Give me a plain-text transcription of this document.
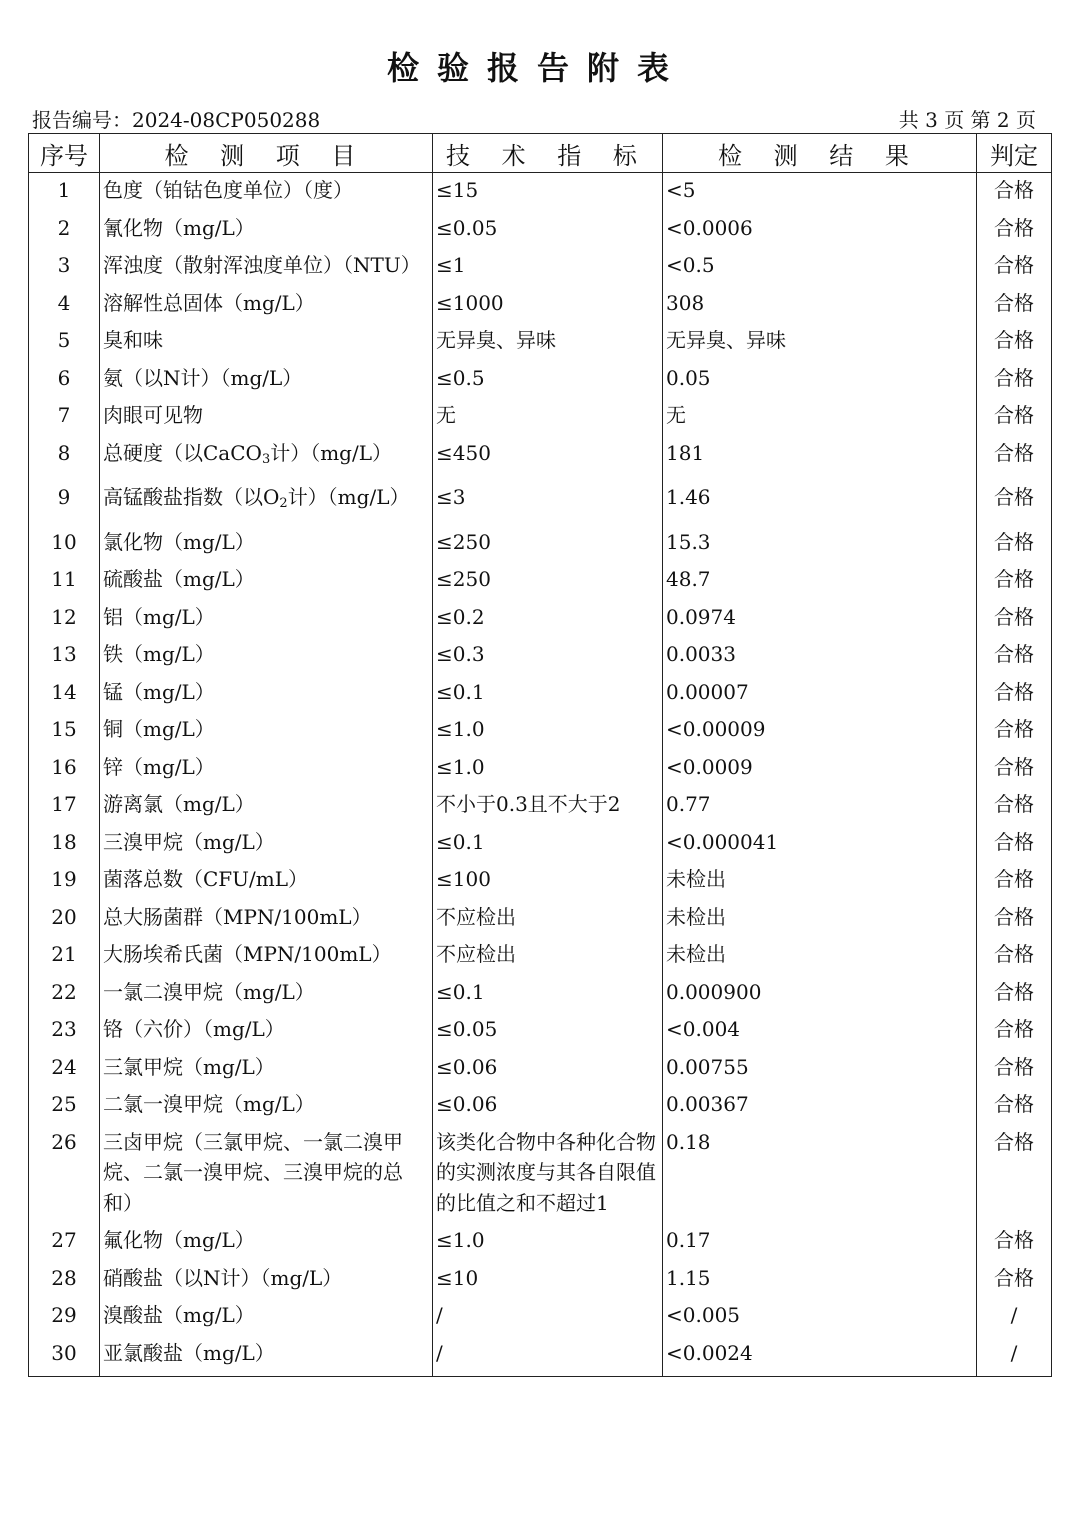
检验报告附表
报告编号：2024-08CP050288	共 3 页 第 2 页
序号	检 测 项 目	技 术 指 标	检 测 结 果	判定
1	色度（铂钴色度单位）（度）	≤15	<5	合格
2	氰化物（mg/L）	≤0.05	<0.0006	合格
3	浑浊度（散射浑浊度单位）（NTU）	≤1	<0.5	合格
4	溶解性总固体（mg/L）	≤1000	308	合格
5	臭和味	无异臭、异味	无异臭、异味	合格
6	氨（以N计）（mg/L）	≤0.5	0.05	合格
7	肉眼可见物	无	无	合格
8	总硬度（以CaCO$_3$计）（mg/L）	≤450	181	合格
9	高锰酸盐指数（以$O_2$计）（mg/L）	≤3	1.46	合格
10	氯化物（mg/L）	≤250	15.3	合格
11	硫酸盐（mg/L）	≤250	48.7	合格
12	铝（mg/L）	≤0.2	0.0974	合格
13	铁（mg/L）	≤0.3	0.0033	合格
14	锰（mg/L）	≤0.1	0.00007	合格
15	铜（mg/L）	≤1.0	<0.00009	合格
16	锌（mg/L）	≤1.0	<0.0009	合格
17	游离氯（mg/L）	不小于0.3且不大于2	0.77	合格
18	三溴甲烷（mg/L）	≤0.1	<0.000041	合格
19	菌落总数（CFU/mL）	≤100	未检出	合格
20	总大肠菌群（MPN/100mL）	不应检出	未检出	合格
21	大肠埃希氏菌（MPN/100mL）	不应检出	未检出	合格
22	一氯二溴甲烷（mg/L）	≤0.1	0.000900	合格
23	铬（六价）（mg/L）	≤0.05	<0.004	合格
24	三氯甲烷（mg/L）	≤0.06	0.00755	合格
25	二氯一溴甲烷（mg/L）	≤0.06	0.00367	合格
26	三卤甲烷（三氯甲烷、一氯二溴甲烷、二氯一溴甲烷、三溴甲烷的总和）	该类化合物中各种化合物的实测浓度与其各自限值的比值之和不超过1	0.18	合格
27	氟化物（mg/L）	≤1.0	0.17	合格
28	硝酸盐（以N计）（mg/L）	≤10	1.15	合格
29	溴酸盐（mg/L）	/	<0.005	/
30	亚氯酸盐（mg/L）	/	<0.0024	/
